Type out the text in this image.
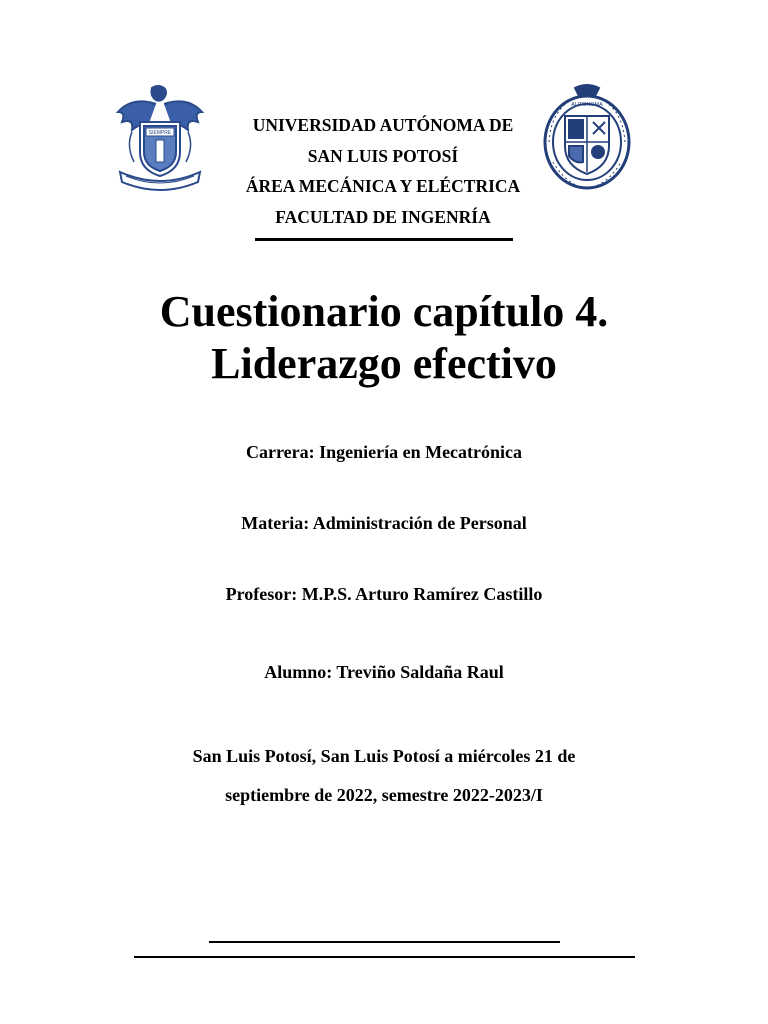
SIEMPRE	UNIVERSIDAD AUTÓNOMA DE
SAN LUIS POTOSÍ
ÁREA MECÁNICA Y ELÉCTRICA
FACULTAD DE INGENRÍA
AUTONOMA
Cuestionario capítulo 4.
Liderazgo efectivo
Carrera: Ingeniería en Mecatrónica
Materia: Administración de Personal
Profesor: M.P.S. Arturo Ramírez Castillo
Alumno: Treviño Saldaña Raul
San Luis Potosí, San Luis Potosí a miércoles 21 de
septiembre de 2022, semestre 2022-2023/I
